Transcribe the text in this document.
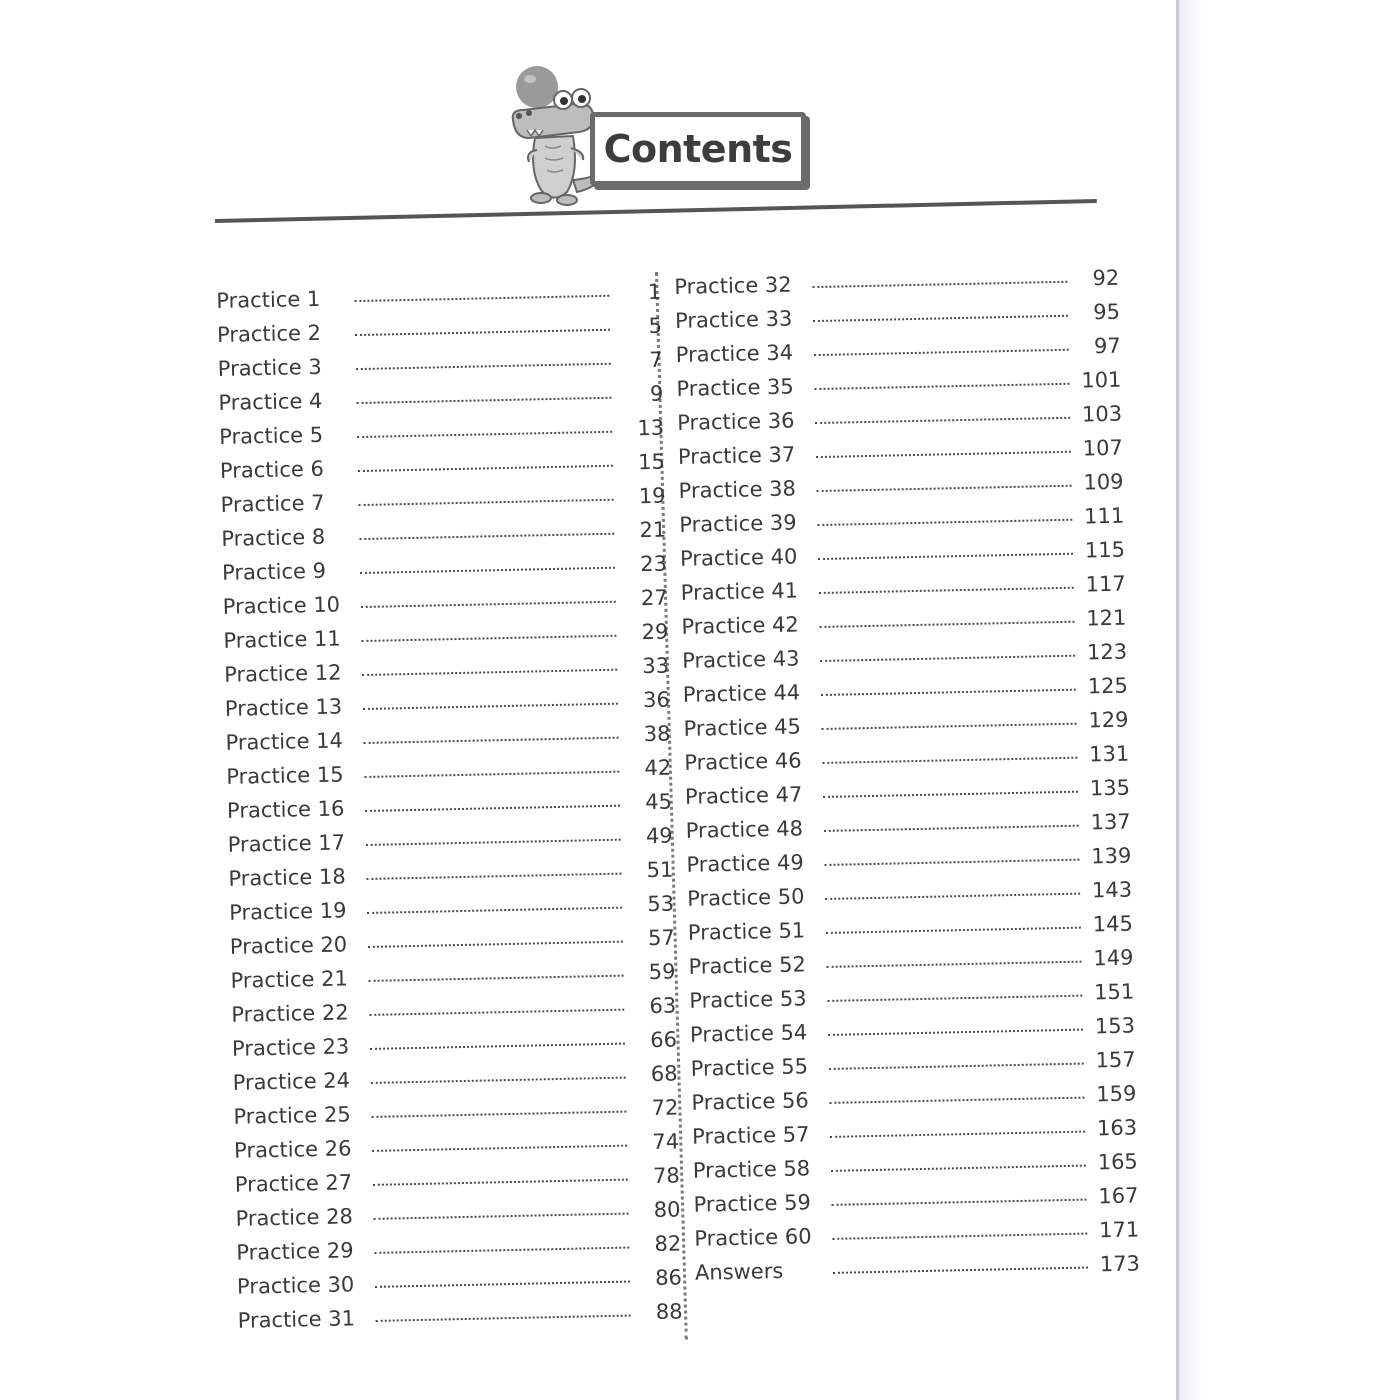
Contents
Practice 1	1
Practice 2	5
Practice 3	7
Practice 4	9
Practice 5	13
Practice 6	15
Practice 7	19
Practice 8	21
Practice 9	23
Practice 10	27
Practice 11	29
Practice 12	33
Practice 13	36
Practice 14	38
Practice 15	42
Practice 16	45
Practice 17	49
Practice 18	51
Practice 19	53
Practice 20	57
Practice 21	59
Practice 22	63
Practice 23	66
Practice 24	68
Practice 25	72
Practice 26	74
Practice 27	78
Practice 28	80
Practice 29	82
Practice 30	86
Practice 31	88
Practice 32	92
Practice 33	95
Practice 34	97
Practice 35	101
Practice 36	103
Practice 37	107
Practice 38	109
Practice 39	111
Practice 40	115
Practice 41	117
Practice 42	121
Practice 43	123
Practice 44	125
Practice 45	129
Practice 46	131
Practice 47	135
Practice 48	137
Practice 49	139
Practice 50	143
Practice 51	145
Practice 52	149
Practice 53	151
Practice 54	153
Practice 55	157
Practice 56	159
Practice 57	163
Practice 58	165
Practice 59	167
Practice 60	171
Answers	173
